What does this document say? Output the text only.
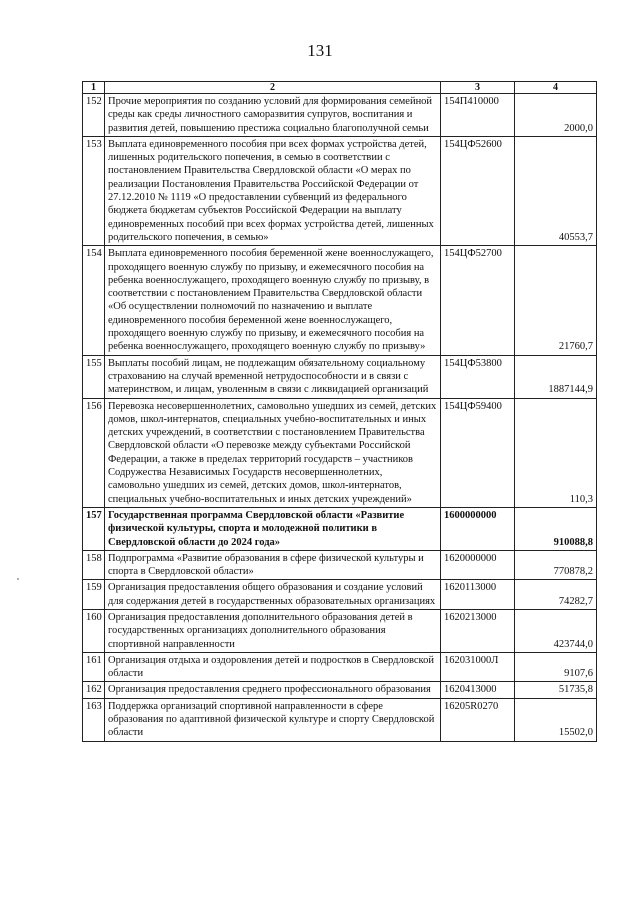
131
1	2	3	4
152	Прочие мероприятия по созданию условий для формирования семейной среды как среды личностного саморазвития супругов, воспитания и развития детей, повышению престижа социально благополучной семьи	154П410000	2000,0
153	Выплата единовременного пособия при всех формах устройства детей, лишенных родительского попечения, в семью в соответствии с постановлением Правительства Свердловской области «О мерах по реализации Постановления Правительства Российской Федерации от 27.12.2010 № 1119 «О предоставлении субвенций из федерального бюджета бюджетам субъектов Российской Федерации на выплату единовременных пособий при всех формах устройства детей, лишенных родительского попечения, в семью»	154ЦФ52600	40553,7
154	Выплата единовременного пособия беременной жене военнослужащего, проходящего военную службу по призыву, и ежемесячного пособия на ребенка военнослужащего, проходящего военную службу по призыву, в соответствии с постановлением Правительства Свердловской области «Об осуществлении полномочий по назначению и выплате единовременного пособия беременной жене военнослужащего, проходящего военную службу по призыву, и ежемесячного пособия на ребенка военнослужащего, проходящего военную службу по призыву»	154ЦФ52700	21760,7
155	Выплаты пособий лицам, не подлежащим обязательному социальному страхованию на случай временной нетрудоспособности и в связи с материнством, и лицам, уволенным в связи с ликвидацией организаций	154ЦФ53800	1887144,9
156	Перевозка несовершеннолетних, самовольно ушедших из семей, детских домов, школ-интернатов, специальных учебно-воспитательных и иных детских учреждений, в соответствии с постановлением Правительства Свердловской области «О перевозке между субъектами Российской Федерации, а также в пределах территорий государств – участников Содружества Независимых Государств несовершеннолетних, самовольно ушедших из семей, детских домов, школ-интернатов, специальных учебно-воспитательных и иных детских учреждений»	154ЦФ59400	110,3
157	Государственная программа Свердловской области «Развитие физической культуры, спорта и молодежной политики в Свердловской области до 2024 года»	1600000000	910088,8
158	Подпрограмма «Развитие образования в сфере физической культуры и спорта в Свердловской области»	1620000000	770878,2
159	Организация предоставления общего образования и создание условий для содержания детей в государственных образовательных организациях	1620113000	74282,7
160	Организация предоставления дополнительного образования детей в государственных организациях дополнительного образования спортивной направленности	1620213000	423744,0
161	Организация отдыха и оздоровления детей и подростков в Свердловской области	162031000Л	9107,6
162	Организация предоставления среднего профессионального образования	1620413000	51735,8
163	Поддержка организаций спортивной направленности в сфере образования по адаптивной физической культуре и спорту Свердловской области	16205R0270	15502,0
